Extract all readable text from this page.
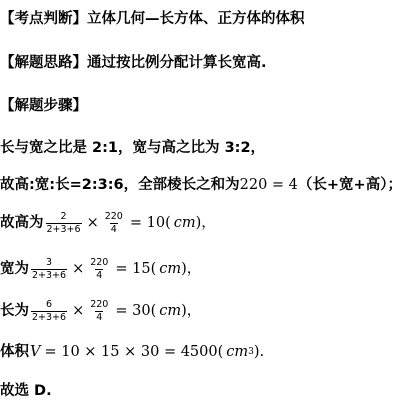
【考点判断】 立体几何—长方体、正方体的体积
【解题思路】 通过按比例分配计算长宽高.
【解题步骤】
长与宽之比是 2:1，宽与高之比为 3:2，
故高:宽:长=2:3:6，全部棱长之和为 220 = 4 （长+宽+高）；
故高为 $\frac{2}{2+3+6} \times \frac{220}{4} = 10$( cm )，
宽为 $\frac{3}{2+3+6} \times \frac{220}{4} = 15$( cm )，
长为 $\frac{6}{2+3+6} \times \frac{220}{4} = 30$( cm )，
体积 V = 10 × 15 × 30 = 4500( cm 3 ).
故选 D.
